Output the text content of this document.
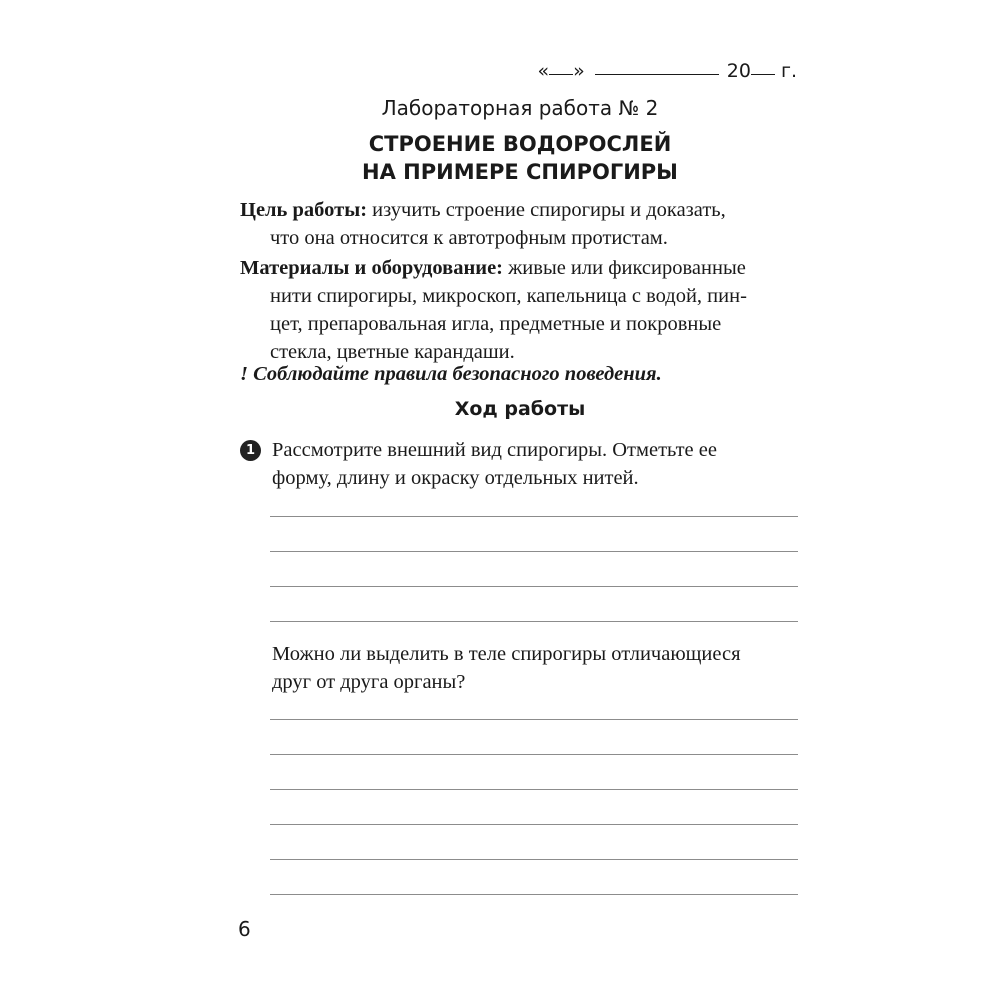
« »	20 г.
Лабораторная работа № 2
СТРОЕНИЕ ВОДОРОСЛЕЙ
НА ПРИМЕРЕ СПИРОГИРЫ
Цель работы: изучить строение спирогиры и доказать,
что она относится к автотрофным протистам.
Материалы и оборудование: живые или фиксированные
нити спирогиры, микроскоп, капельница с водой, пин-
цет, препаровальная игла, предметные и покровные
стекла, цветные карандаши.
! Соблюдайте правила безопасного поведения.
Ход работы
1 Рассмотрите внешний вид спирогиры. Отметьте ее
форму, длину и окраску отдельных нитей.
Можно ли выделить в теле спирогиры отличающиеся
друг от друга органы?
6
